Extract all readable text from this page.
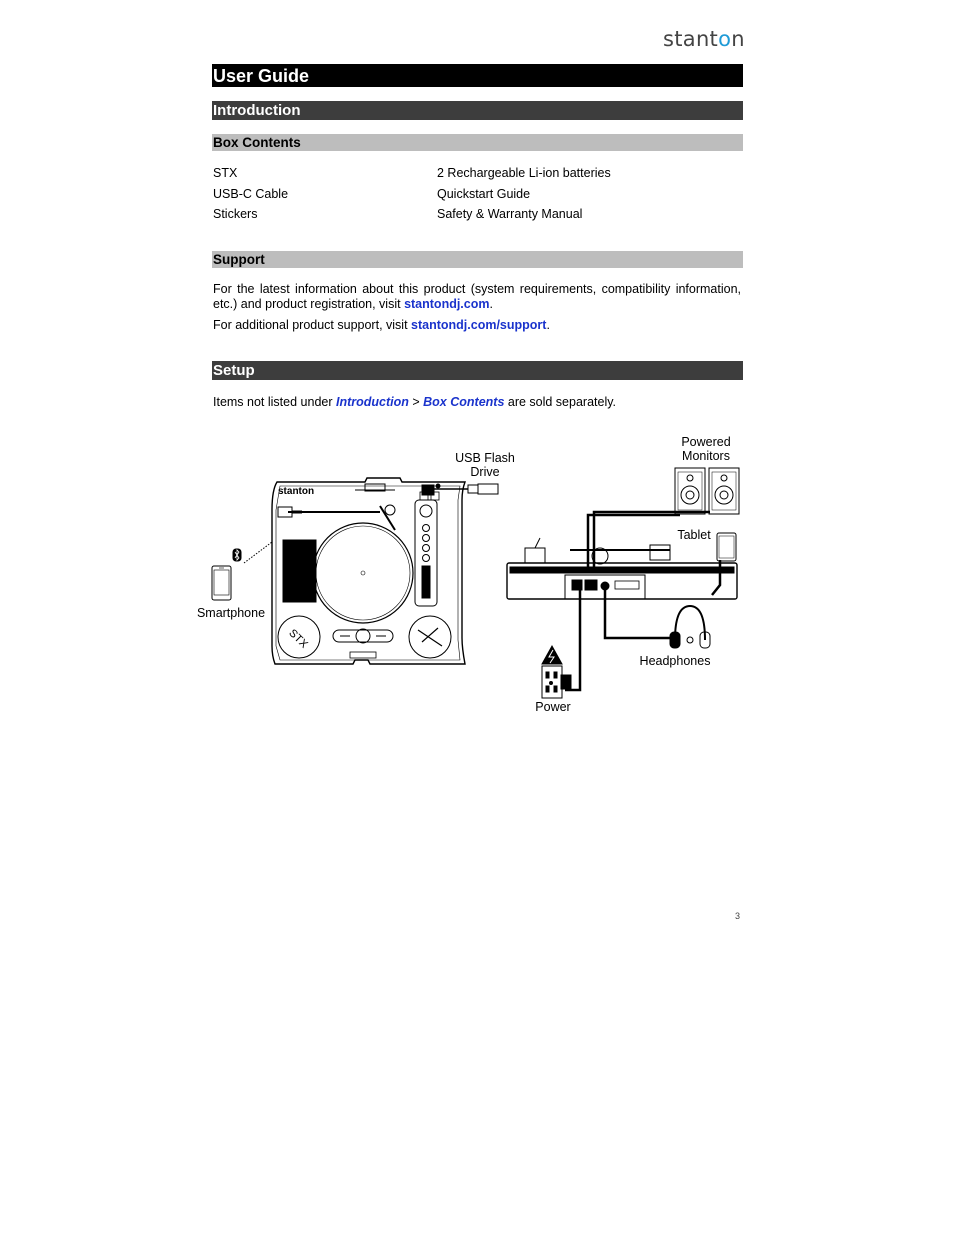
stanton
User Guide
Introduction
Box Contents
STX
USB-C Cable
Stickers
2 Rechargeable Li-ion batteries
Quickstart Guide
Safety & Warranty Manual
Support
For the latest information about this product (system requirements, compatibility information, etc.) and product registration, visit stantondj.com.
For additional product support, visit stantondj.com/support.
Setup
Items not listed under Introduction > Box Contents are sold separately.
USB Flash
Drive
Powered
Monitors
Tablet
Smartphone
Headphones
Power
stanton
STX
3
